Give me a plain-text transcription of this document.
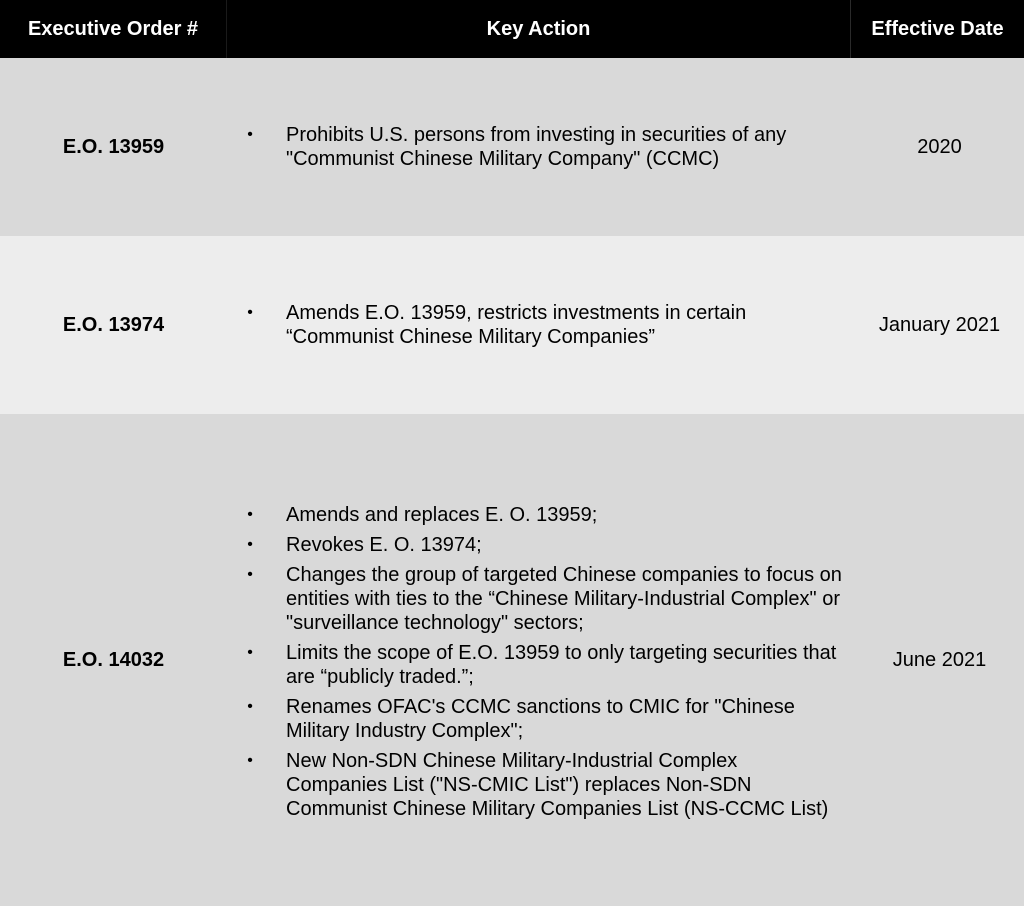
Executive Order #	Key Action	Effective Date
E.O. 13959
• Prohibits U.S. persons from investing in securities of any "Communist Chinese Military Company" (CCMC)
2020
E.O. 13974
• Amends E.O. 13959, restricts investments in certain “Communist Chinese Military Companies”
January 2021
E.O. 14032
• Amends and replaces E. O. 13959;
• Revokes E. O. 13974;
• Changes the group of targeted Chinese companies to focus on entities with ties to the “Chinese Military-Industrial Complex" or "surveillance technology" sectors;
• Limits the scope of E.O. 13959 to only targeting securities that are “publicly traded.”;
• Renames OFAC's CCMC sanctions to CMIC for "Chinese Military Industry Complex";
• New Non-SDN Chinese Military-Industrial Complex Companies List ("NS-CMIC List") replaces Non-SDN Communist Chinese Military Companies List (NS-CCMC List)
June 2021
